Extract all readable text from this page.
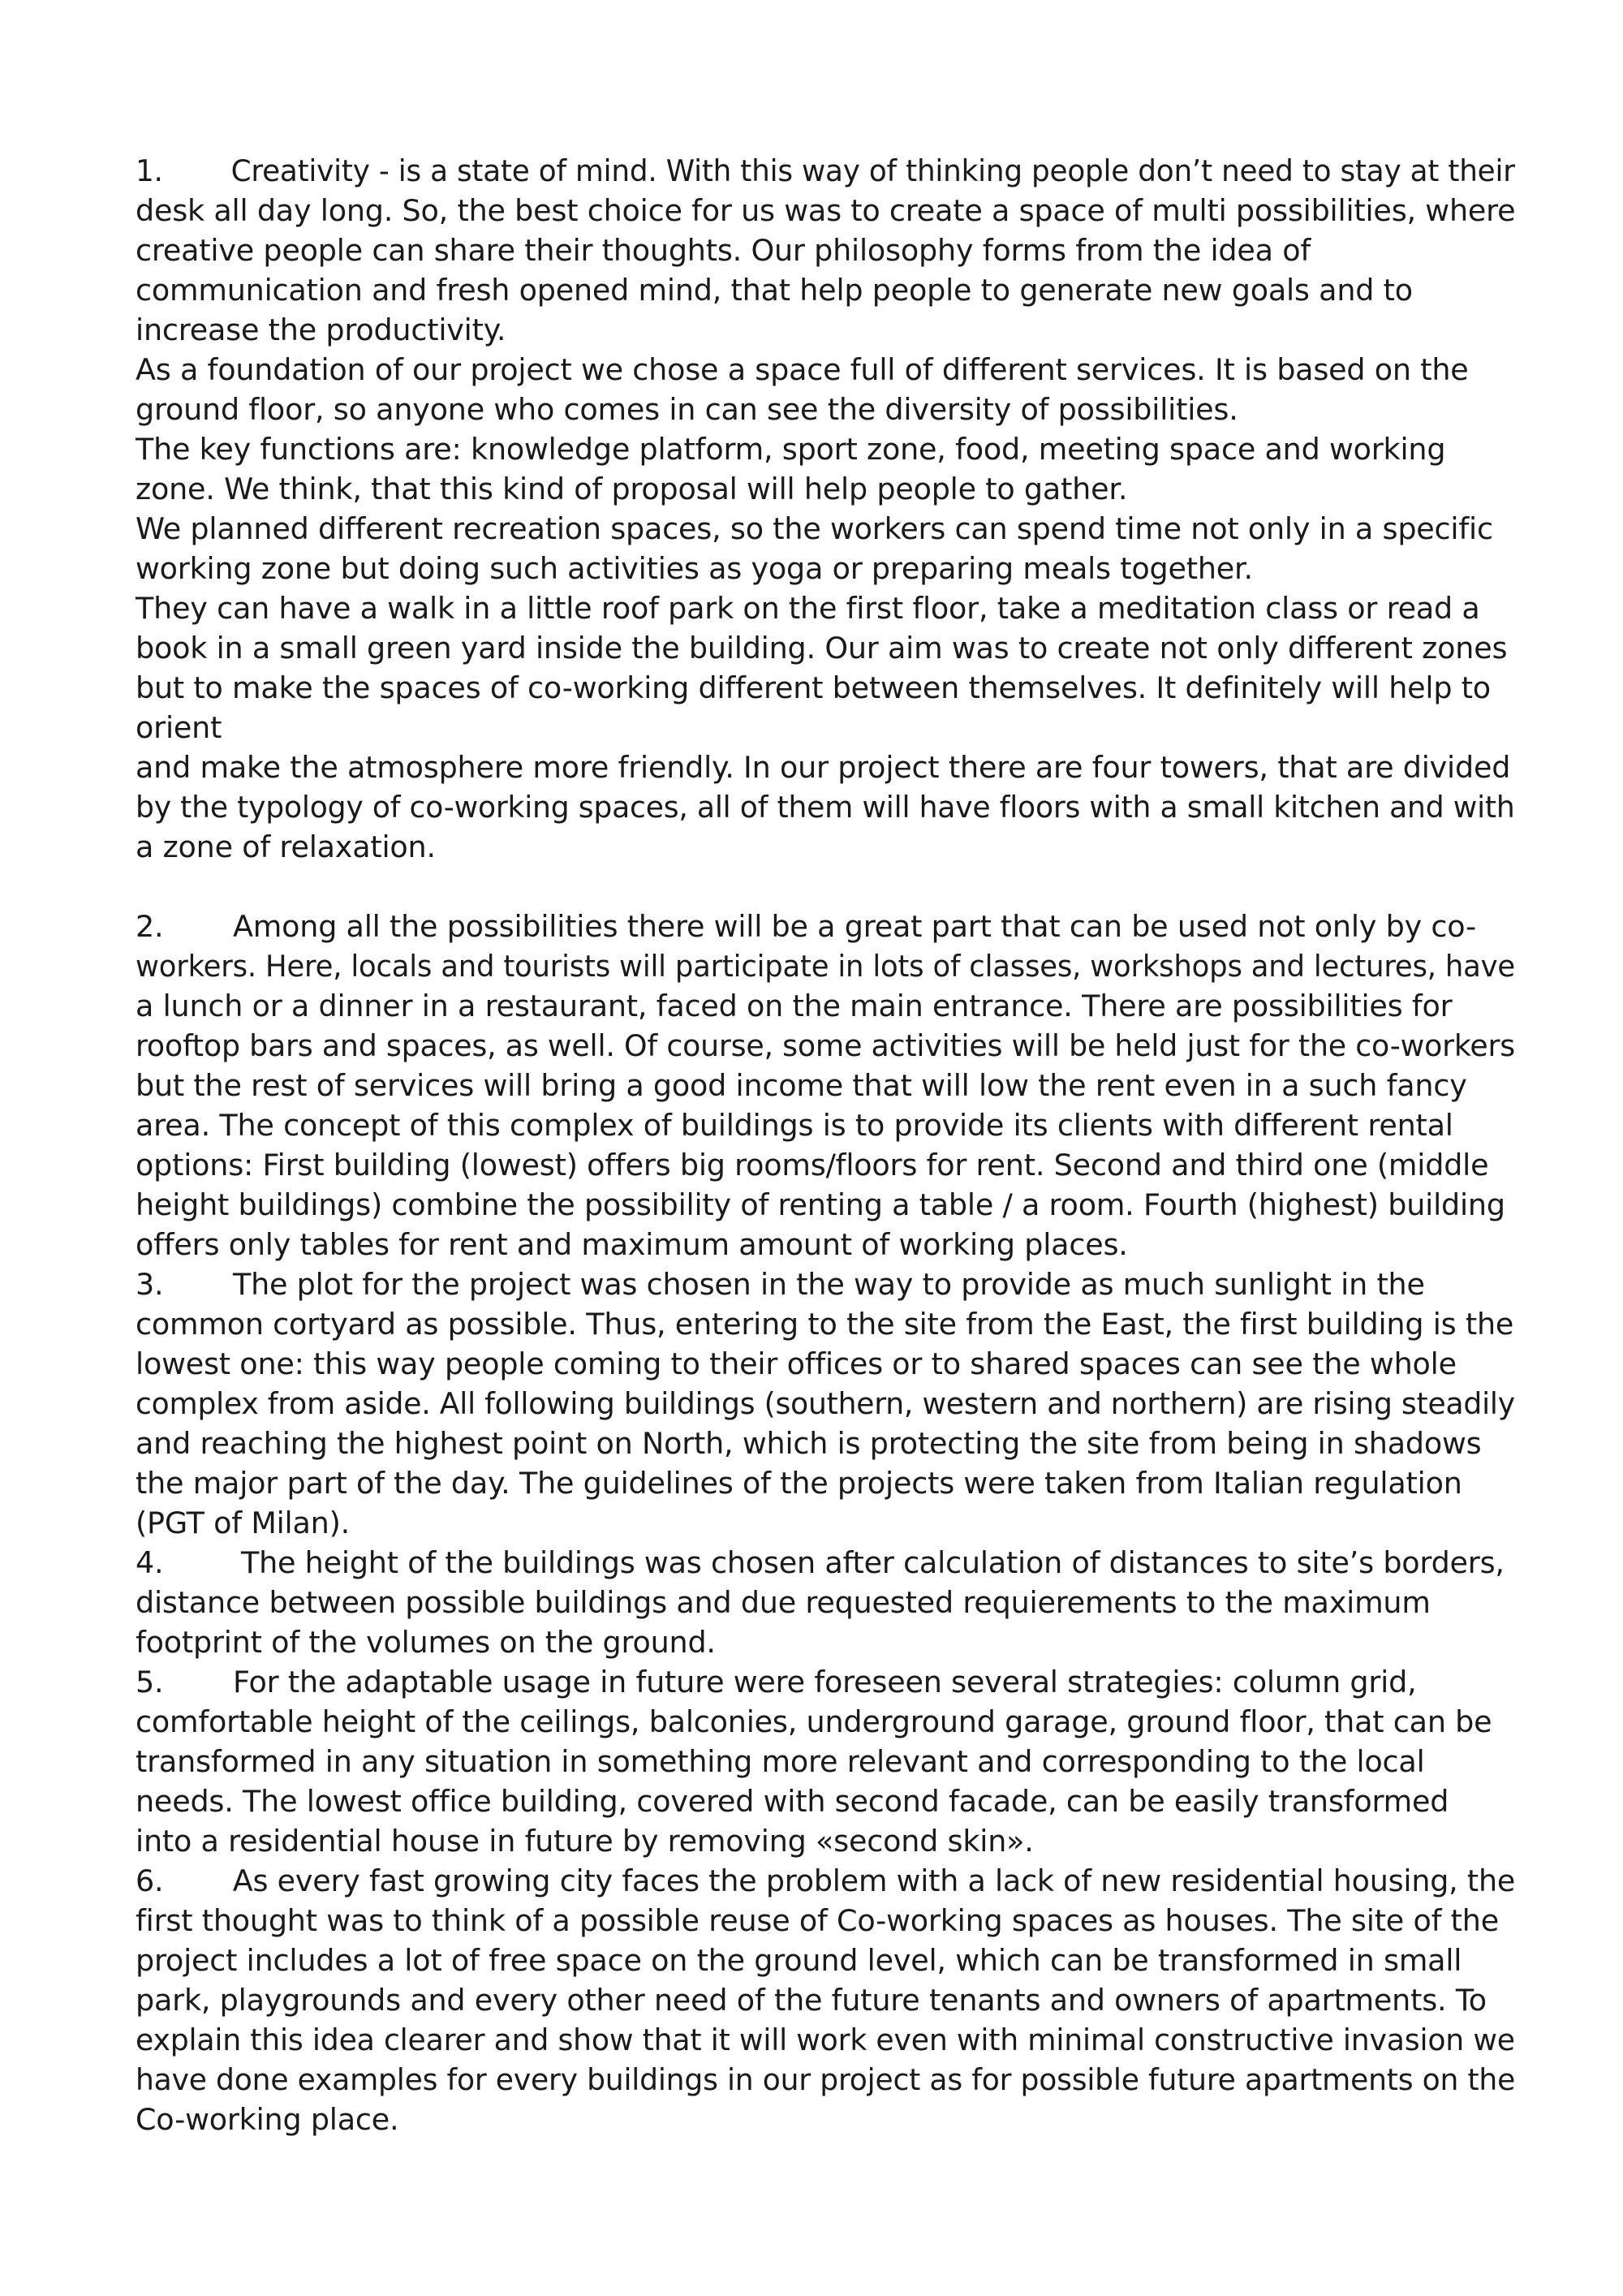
1. Creativity - is a state of mind. With this way of thinking people don’t need to stay at their
desk all day long. So, the best choice for us was to create a space of multi possibilities, where
creative people can share their thoughts. Our philosophy forms from the idea of
communication and fresh opened mind, that help people to generate new goals and to
increase the productivity.
As a foundation of our project we chose a space full of different services. It is based on the
ground floor, so anyone who comes in can see the diversity of possibilities.
The key functions are: knowledge platform, sport zone, food, meeting space and working
zone. We think, that this kind of proposal will help people to gather.
We planned different recreation spaces, so the workers can spend time not only in a specific
working zone but doing such activities as yoga or preparing meals together.
They can have a walk in a little roof park on the first floor, take a meditation class or read a
book in a small green yard inside the building. Our aim was to create not only different zones
but to make the spaces of co-working different between themselves. It definitely will help to
orient
and make the atmosphere more friendly. In our project there are four towers, that are divided
by the typology of co-working spaces, all of them will have floors with a small kitchen and with
a zone of relaxation.
2. Among all the possibilities there will be a great part that can be used not only by co-
workers. Here, locals and tourists will participate in lots of classes, workshops and lectures, have
a lunch or a dinner in a restaurant, faced on the main entrance. There are possibilities for
rooftop bars and spaces, as well. Of course, some activities will be held just for the co-workers
but the rest of services will bring a good income that will low the rent even in a such fancy
area. The concept of this complex of buildings is to provide its clients with different rental
options: First building (lowest) offers big rooms/floors for rent. Second and third one (middle
height buildings) combine the possibility of renting a table / a room. Fourth (highest) building
offers only tables for rent and maximum amount of working places.
3. The plot for the project was chosen in the way to provide as much sunlight in the
common cortyard as possible. Thus, entering to the site from the East, the first building is the
lowest one: this way people coming to their offices or to shared spaces can see the whole
complex from aside. All following buildings (southern, western and northern) are rising steadily
and reaching the highest point on North, which is protecting the site from being in shadows
the major part of the day. The guidelines of the projects were taken from Italian regulation
(PGT of Milan).
4.	The height of the buildings was chosen after calculation of distances to site’s borders,
distance between possible buildings and due requested requierements to the maximum
footprint of the volumes on the ground.
5. For the adaptable usage in future were foreseen several strategies: column grid,
comfortable height of the ceilings, balconies, underground garage, ground floor, that can be
transformed in any situation in something more relevant and corresponding to the local
needs. The lowest office building, covered with second facade, can be easily transformed
into a residential house in future by removing «second skin».
6. As every fast growing city faces the problem with a lack of new residential housing, the
first thought was to think of a possible reuse of Co-working spaces as houses. The site of the
project includes a lot of free space on the ground level, which can be transformed in small
park, playgrounds and every other need of the future tenants and owners of apartments. To
explain this idea clearer and show that it will work even with minimal constructive invasion we
have done examples for every buildings in our project as for possible future apartments on the
Co-working place.
